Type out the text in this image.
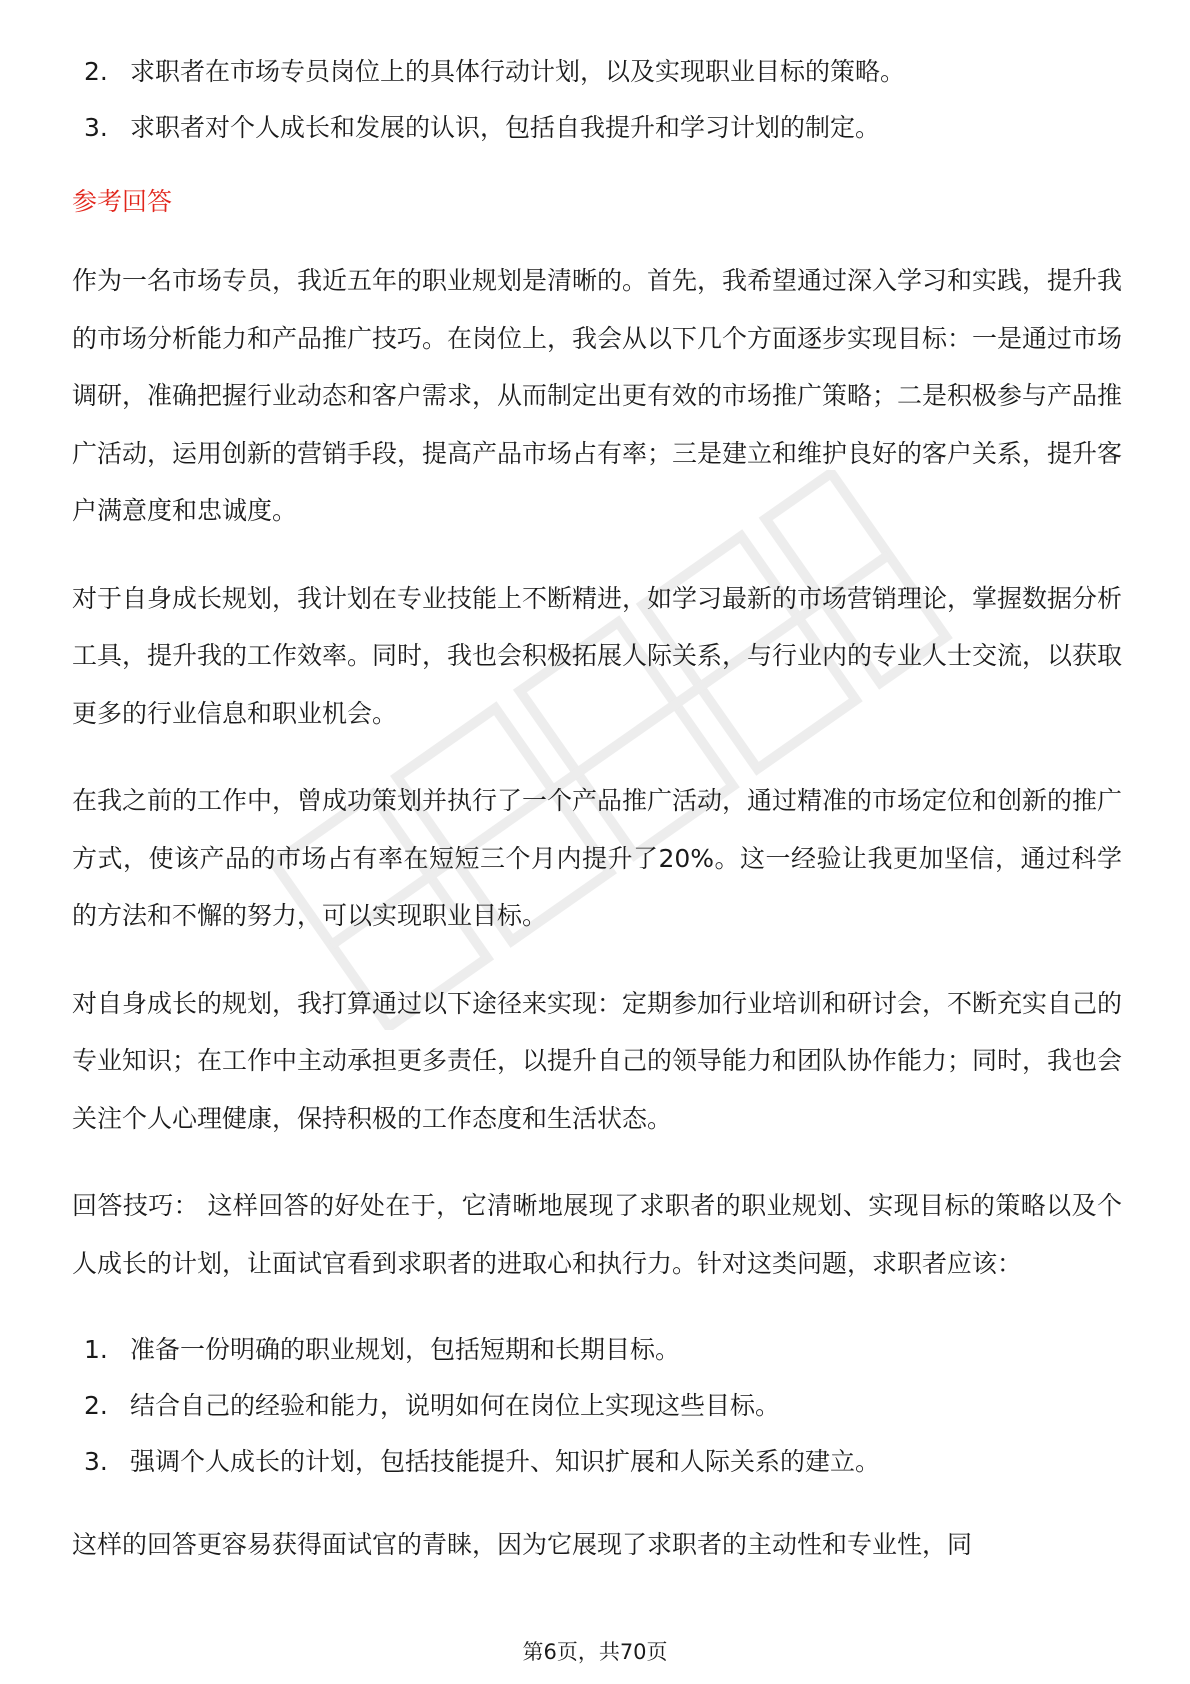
2. 求职者在市场专员岗位上的具体行动计划，以及实现职业目标的策略。
3. 求职者对个人成长和发展的认识，包括自我提升和学习计划的制定。
参考回答

作为一名市场专员，我近五年的职业规划是清晰的。首先，我希望通过深入学习和实践，提升我的市场分析能力和产品推广技巧。在岗位上，我会从以下几个方面逐步实现目标：一是通过市场调研，准确把握行业动态和客户需求，从而制定出更有效的市场推广策略；二是积极参与产品推广活动，运用创新的营销手段，提高产品市场占有率；三是建立和维护良好的客户关系，提升客户满意度和忠诚度。

对于自身成长规划，我计划在专业技能上不断精进，如学习最新的市场营销理论，掌握数据分析工具，提升我的工作效率。同时，我也会积极拓展人际关系，与行业内的专业人士交流，以获取更多的行业信息和职业机会。

在我之前的工作中，曾成功策划并执行了一个产品推广活动，通过精准的市场定位和创新的推广方式，使该产品的市场占有率在短短三个月内提升了20%。这一经验让我更加坚信，通过科学的方法和不懈的努力，可以实现职业目标。

对自身成长的规划，我打算通过以下途径来实现：定期参加行业培训和研讨会，不断充实自己的专业知识；在工作中主动承担更多责任，以提升自己的领导能力和团队协作能力；同时，我也会关注个人心理健康，保持积极的工作态度和生活状态。

回答技巧： 这样回答的好处在于，它清晰地展现了求职者的职业规划、实现目标的策略以及个人成长的计划，让面试官看到求职者的进取心和执行力。针对这类问题，求职者应该：

1. 准备一份明确的职业规划，包括短期和长期目标。
2. 结合自己的经验和能力，说明如何在岗位上实现这些目标。
3. 强调个人成长的计划，包括技能提升、知识扩展和人际关系的建立。

这样的回答更容易获得面试官的青睐，因为它展现了求职者的主动性和专业性，同

第6页，共70页
